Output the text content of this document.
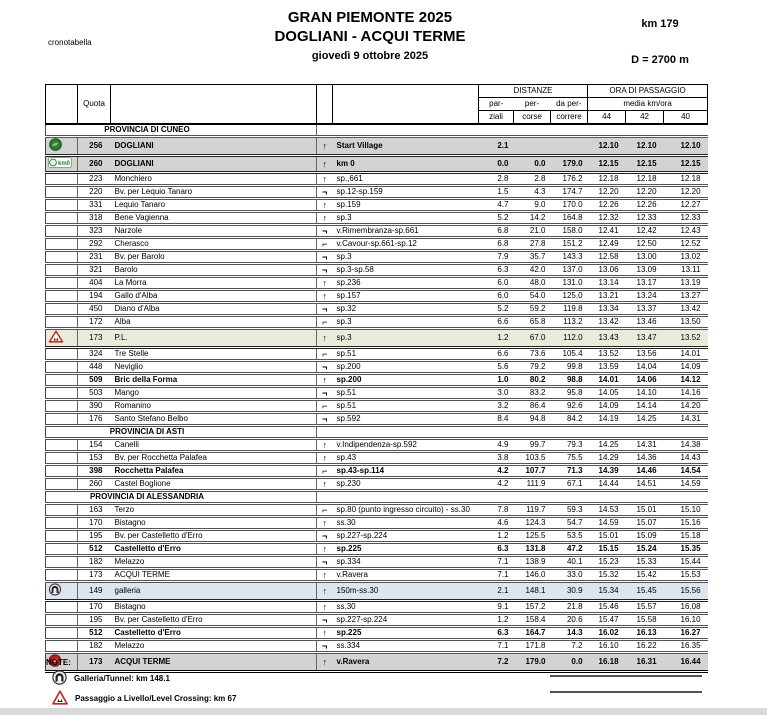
cronotabella
GRAN PIEMONTE 2025
DOGLIANI - ACQUI TERME
giovedì 9 ottobre 2025
km 179
D = 2700 m
	Quota				DISTANZE			ORA DI PASSAGGIO		
					par-	per-	da per-	media km/ora		
					ziali	corse	correre	44	42	40
PROVINCIA DI CUNEO										
	256	DOGLIANI	↑	Start Village	2.1			12.10	12.10	12.10

km0	260	DOGLIANI	↑	km 0	0.0	0.0	179.0	12.15	12.15	12.15
	223	Monchiero	↑	sp.,661	2.8	2.8	176.2	12.18	12.18	12.18
	220	Bv. per Lequio Tanaro	¬	sp.12-sp.159	1.5	4.3	174.7	12.20	12.20	12.20
	331	Lequio Tanaro	↑	sp.159	4.7	9.0	170.0	12.26	12.26	12.27
	318	Bene Vagienna	↑	sp.3	5.2	14.2	164.8	12.32	12.33	12.33
	323	Narzole	¬	v.Rimembranza-sp.661	6.8	21.0	158.0	12.41	12.42	12.43
	292	Cherasco	⌐	v.Cavour-sp.661-sp.12	6.8	27.8	151.2	12.49	12.50	12.52
	231	Bv. per Barolo	¬	sp.3	7.9	35.7	143.3	12.58	13.00	13.02
	321	Barolo	¬	sp.3-sp.58	6.3	42.0	137.0	13.06	13.09	13.11
	404	La Morra	↑	sp.236	6.0	48.0	131.0	13.14	13.17	13.19
	194	Gallo d'Alba	↑	sp.157	6.0	54.0	125.0	13.21	13.24	13.27
	450	Diano d'Alba	¬	sp.32	5.2	59.2	119.8	13.34	13.37	13.42
	172	Alba	⌐	sp.3	6.6	65.8	113.2	13.42	13.46	13.50
	173	P.L.	↑	sp.3	1.2	67.0	112.0	13.43	13.47	13.52
	324	Tre Stelle	⌐	sp.51	6.6	73.6	105.4	13.52	13.56	14.01
	448	Neviglio	¬	sp.200	5.6	79.2	99.8	13.59	14.04	14.09
	509	Bric della Forma	↑	sp.200	1.0	80.2	98.8	14.01	14.06	14.12
	503	Mango	¬	sp.51	3.0	83.2	95.8	14.05	14.10	14.16
	390	Romanino	⌐	sp.51	3.2	86.4	92.6	14.09	14.14	14.20
	176	Santo Stefano Belbo	¬	sp.592	8.4	94.8	84.2	14.19	14.25	14.31
PROVINCIA DI ASTI										
	154	Canelli	↑	v.Indipendenza-sp.592	4.9	99.7	79.3	14.25	14.31	14.38
	153	Bv. per Rocchetta Palafea	↑	sp.43	3.8	103.5	75.5	14.29	14.36	14.43
	398	Rocchetta Palafea	⌐	sp.43-sp.114	4.2	107.7	71.3	14.39	14.46	14.54
	260	Castel Boglione	↑	sp.230	4.2	111.9	67.1	14.44	14.51	14.59
PROVINCIA DI ALESSANDRIA										
	163	Terzo	⌐	sp.80 (punto ingresso circuito) - ss.30	7.8	119.7	59.3	14.53	15.01	15.10
	170	Bistagno	↑	ss.30	4.6	124.3	54.7	14.59	15.07	15.16
	195	Bv. per Castelletto d'Erro	¬	sp.227-sp.224	1.2	125.5	53.5	15.01	15.09	15.18
	512	Castelletto d'Erro	↑	sp.225	6.3	131.8	47.2	15.15	15.24	15.35
	182	Melazzo	¬	sp.334	7.1	138.9	40.1	15.23	15.33	15.44
	173	ACQUI TERME	↑	v.Ravera	7.1	146.0	33.0	15.32	15.42	15.53
	149	galleria	↑	150m-ss.30	2.1	148.1	30.9	15.34	15.45	15.56
	170	Bistagno	↑	ss.30	9.1	157.2	21.8	15.46	15.57	16.08
	195	Bv. per Castelletto d'Erro	¬	sp.227-sp.224	1.2	158.4	20.6	15.47	15.58	16.10
	512	Castelletto d'Erro	↑	sp.225	6.3	164.7	14.3	16.02	16.13	16.27
	182	Melazzo	¬	ss.334	7.1	171.8	7.2	16.10	16.22	16.35
	173	ACQUI TERME	↑	v.Ravera	7.2	179.0	0.0	16.18	16.31	16.44
NOTE:
Galleria/Tunnel: km 148.1
Passaggio a Livello/Level Crossing: km 67
